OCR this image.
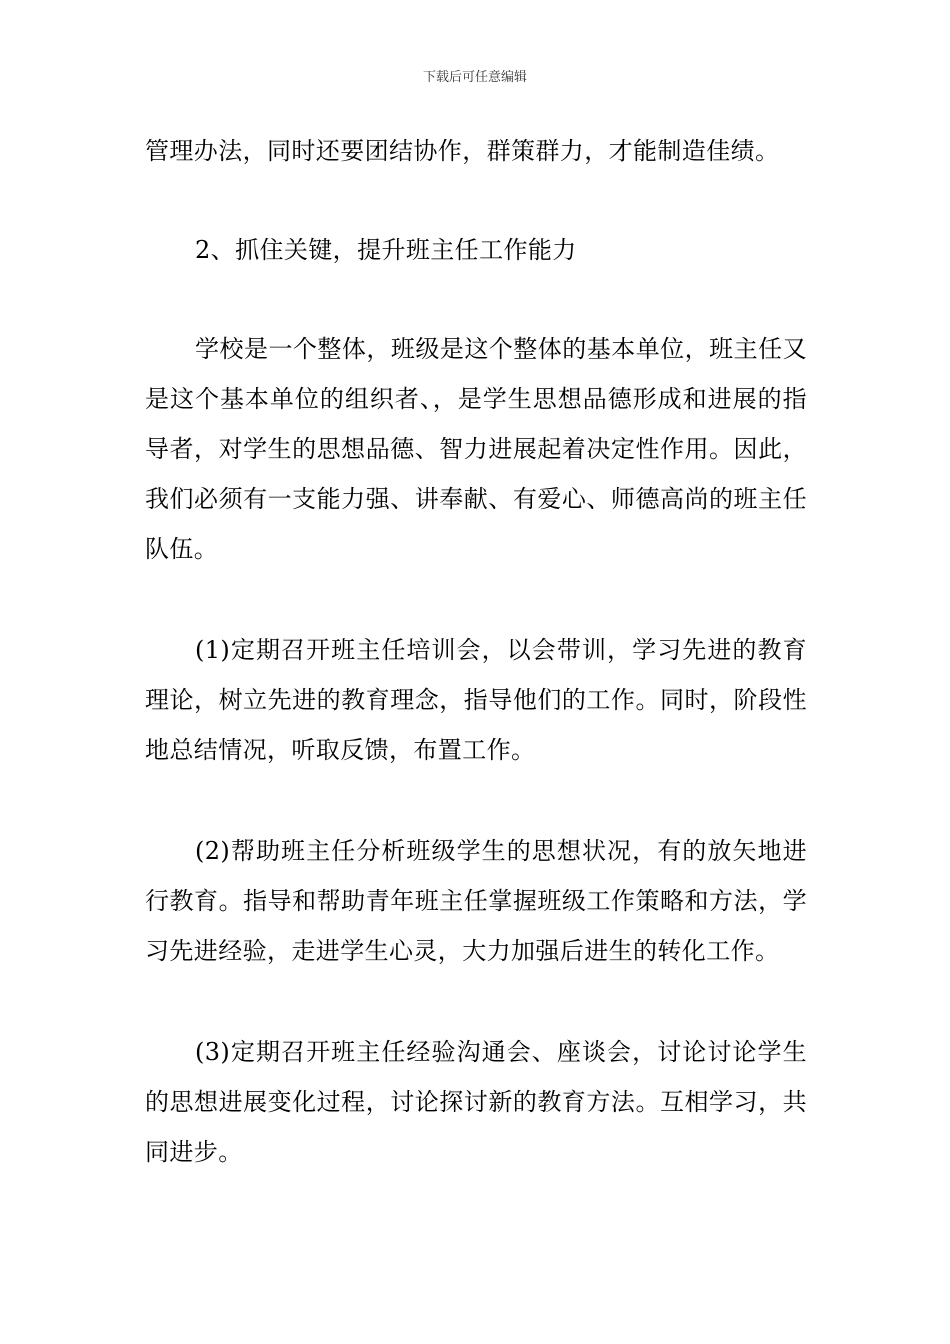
下载后可任意编辑

管理办法，同时还要团结协作，群策群力，才能制造佳绩。

2、抓住关键，提升班主任工作能力

学校是一个整体，班级是这个整体的基本单位，班主任又是这个基本单位的组织者、，是学生思想品德形成和进展的指导者，对学生的思想品德、智力进展起着决定性作用。因此，我们必须有一支能力强、讲奉献、有爱心、师德高尚的班主任队伍。

(1)定期召开班主任培训会，以会带训，学习先进的教育理论，树立先进的教育理念，指导他们的工作。同时，阶段性地总结情况，听取反馈，布置工作。

(2)帮助班主任分析班级学生的思想状况，有的放矢地进行教育。指导和帮助青年班主任掌握班级工作策略和方法，学习先进经验，走进学生心灵，大力加强后进生的转化工作。

(3)定期召开班主任经验沟通会、座谈会，讨论讨论学生的思想进展变化过程，讨论探讨新的教育方法。互相学习，共同进步。
